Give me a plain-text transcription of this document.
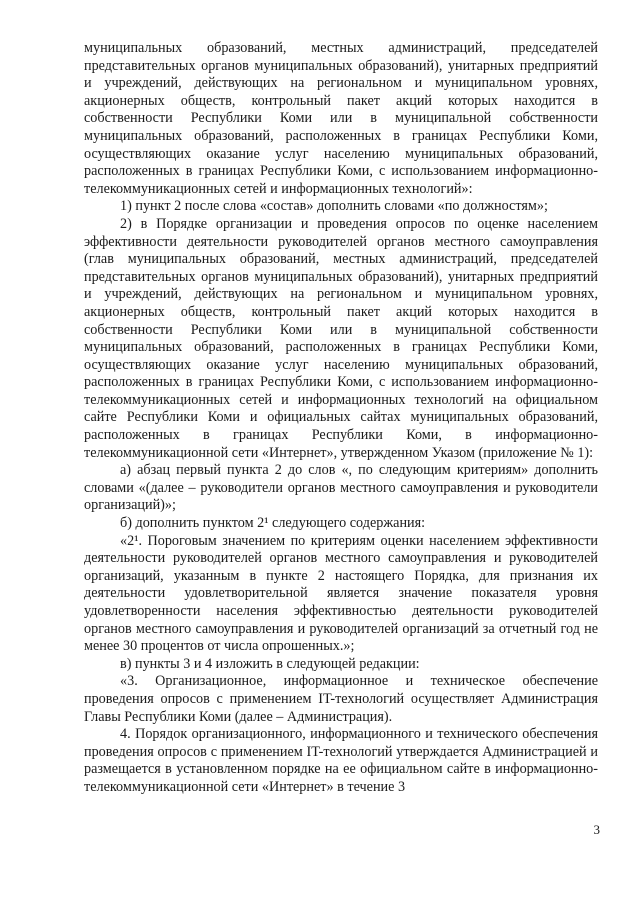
муниципальных образований, местных администраций, председателей представительных органов муниципальных образований), унитарных предприятий и учреждений, действующих на региональном и муниципальном уровнях, акционерных обществ, контрольный пакет акций которых находится в собственности Республики Коми или в муниципальной собственности муниципальных образований, расположенных в границах Республики Коми, осуществляющих оказание услуг населению муниципальных образований, расположенных в границах Республики Коми, с использованием информационно-телекоммуникационных сетей и информационных технологий»:

1) пункт 2 после слова «состав» дополнить словами «по должностям»;

2) в Порядке организации и проведения опросов по оценке населением эффективности деятельности руководителей органов местного самоуправления (глав муниципальных образований, местных администраций, председателей представительных органов муниципальных образований), унитарных предприятий и учреждений, действующих на региональном и муниципальном уровнях, акционерных обществ, контрольный пакет акций которых находится в собственности Республики Коми или в муниципальной собственности муниципальных образований, расположенных в границах Республики Коми, осуществляющих оказание услуг населению муниципальных образований, расположенных в границах Республики Коми, с использованием информационно-телекоммуникационных сетей и информационных технологий на официальном сайте Республики Коми и официальных сайтах муниципальных образований, расположенных в границах Республики Коми, в информационно-телекоммуникационной сети «Интернет», утвержденном Указом (приложение № 1):

а) абзац первый пункта 2 до слов «, по следующим критериям» дополнить словами «(далее – руководители органов местного самоуправления и руководители организаций)»;

б) дополнить пунктом 2¹ следующего содержания:

«2¹. Пороговым значением по критериям оценки населением эффективности деятельности руководителей органов местного самоуправления и руководителей организаций, указанным в пункте 2 настоящего Порядка, для признания их деятельности удовлетворительной является значение показателя уровня удовлетворенности населения эффективностью деятельности руководителей органов местного самоуправления и руководителей организаций за отчетный год не менее 30 процентов от числа опрошенных.»;

в) пункты 3 и 4 изложить в следующей редакции:

«3. Организационное, информационное и техническое обеспечение проведения опросов с применением IT-технологий осуществляет Администрация Главы Республики Коми (далее – Администрация).

4. Порядок организационного, информационного и технического обеспечения проведения опросов с применением IT-технологий утверждается Администрацией и размещается в установленном порядке на ее официальном сайте в информационно-телекоммуникационной сети «Интернет» в течение 3

3
